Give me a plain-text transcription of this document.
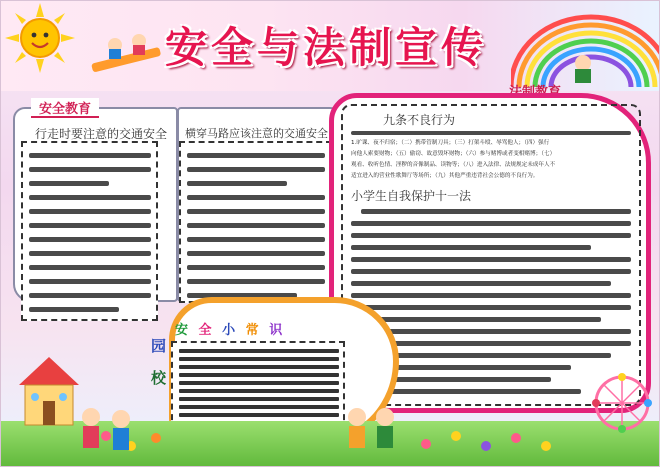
安全与法制宣传
安全教育
行走时要注意的交通安全 横穿马路应该注意的交通安全
九条不良行为
1.旷课、夜不归宿；（二）携带管制刀具；（三）打架斗殴、辱骂他人；（四）强行
向他人索要财物；（五）偷窃、故意毁坏财物；（六）参与赌博或者变相赌博；（七）
观看、收听色情、淫秽的音像制品、读物等；（八）进入法律、法规规定未成年人不
适宜进入的营业性歌舞厅等场所；（九）其他严重违背社会公德的不良行为。
小学生自我保护十一法
安 全 小 常 识
园
校
